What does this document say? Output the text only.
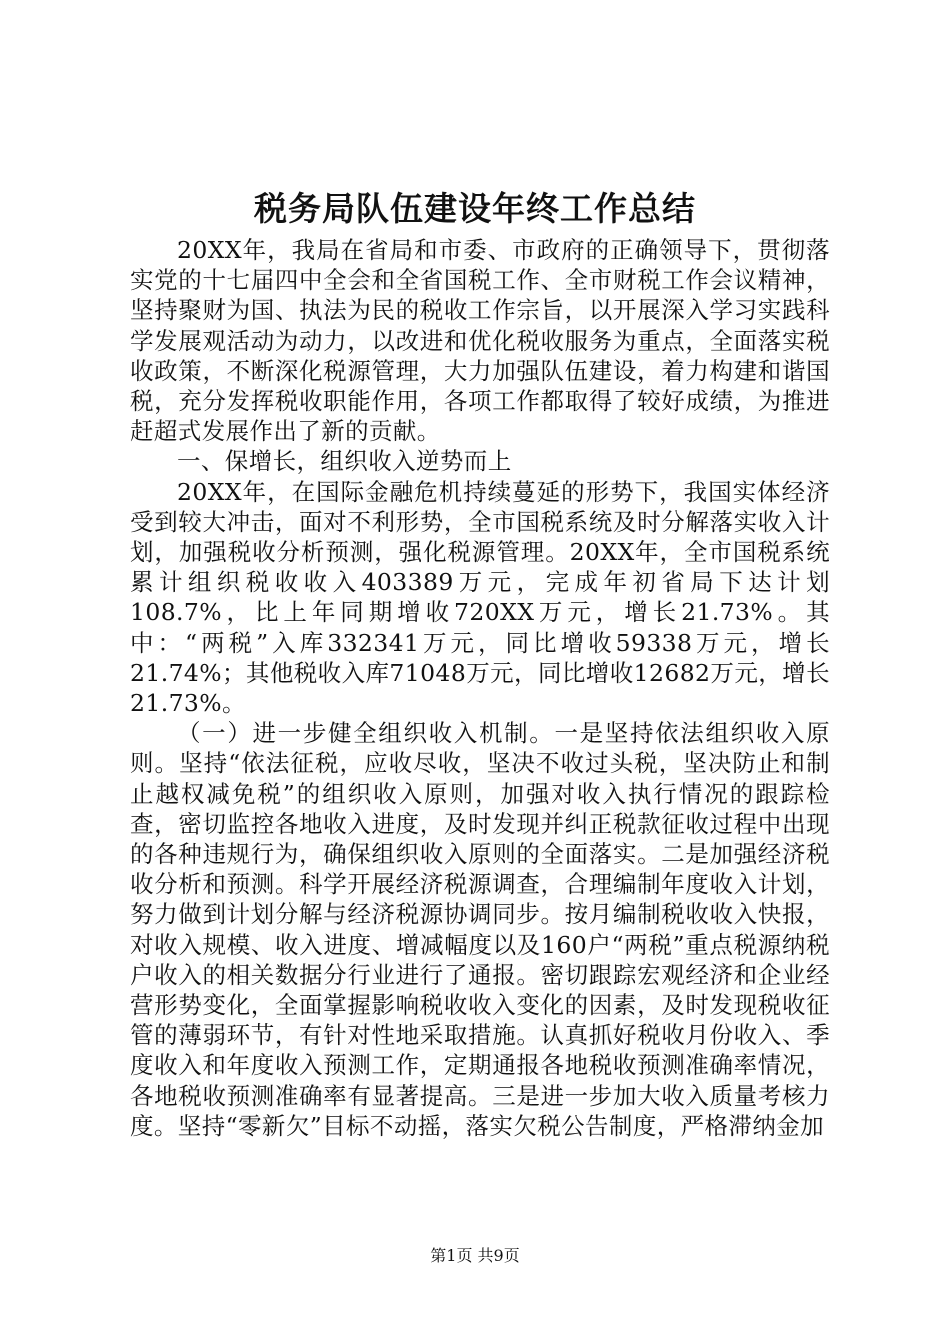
税务局队伍建设年终工作总结

20XX年，我局在省局和市委、市政府的正确领导下，贯彻落实党的十七届四中全会和全省国税工作、全市财税工作会议精神，坚持聚财为国、执法为民的税收工作宗旨，以开展深入学习实践科学发展观活动为动力，以改进和优化税收服务为重点，全面落实税收政策，不断深化税源管理，大力加强队伍建设，着力构建和谐国税，充分发挥税收职能作用，各项工作都取得了较好成绩，为推进赶超式发展作出了新的贡献。

一、保增长，组织收入逆势而上

20XX年，在国际金融危机持续蔓延的形势下，我国实体经济受到较大冲击，面对不利形势，全市国税系统及时分解落实收入计划，加强税收分析预测，强化税源管理。20XX年，全市国税系统累计组织税收收入403389万元，完成年初省局下达计划108.7%，比上年同期增收720XX万元，增长21.73%。其中：“两税”入库332341万元，同比增收59338万元，增长21.74%；其他税收入库71048万元，同比增收12682万元，增长21.73%。

（一）进一步健全组织收入机制。一是坚持依法组织收入原则。坚持“依法征税，应收尽收，坚决不收过头税，坚决防止和制止越权减免税”的组织收入原则，加强对收入执行情况的跟踪检查，密切监控各地收入进度，及时发现并纠正税款征收过程中出现的各种违规行为，确保组织收入原则的全面落实。二是加强经济税收分析和预测。科学开展经济税源调查，合理编制年度收入计划，努力做到计划分解与经济税源协调同步。按月编制税收收入快报，对收入规模、收入进度、增减幅度以及160户“两税”重点税源纳税户收入的相关数据分行业进行了通报。密切跟踪宏观经济和企业经营形势变化，全面掌握影响税收收入变化的因素，及时发现税收征管的薄弱环节，有针对性地采取措施。认真抓好税收月份收入、季度收入和年度收入预测工作，定期通报各地税收预测准确率情况，各地税收预测准确率有显著提高。三是进一步加大收入质量考核力度。坚持“零新欠”目标不动摇，落实欠税公告制度，严格滞纳金加

第1页 共9页
